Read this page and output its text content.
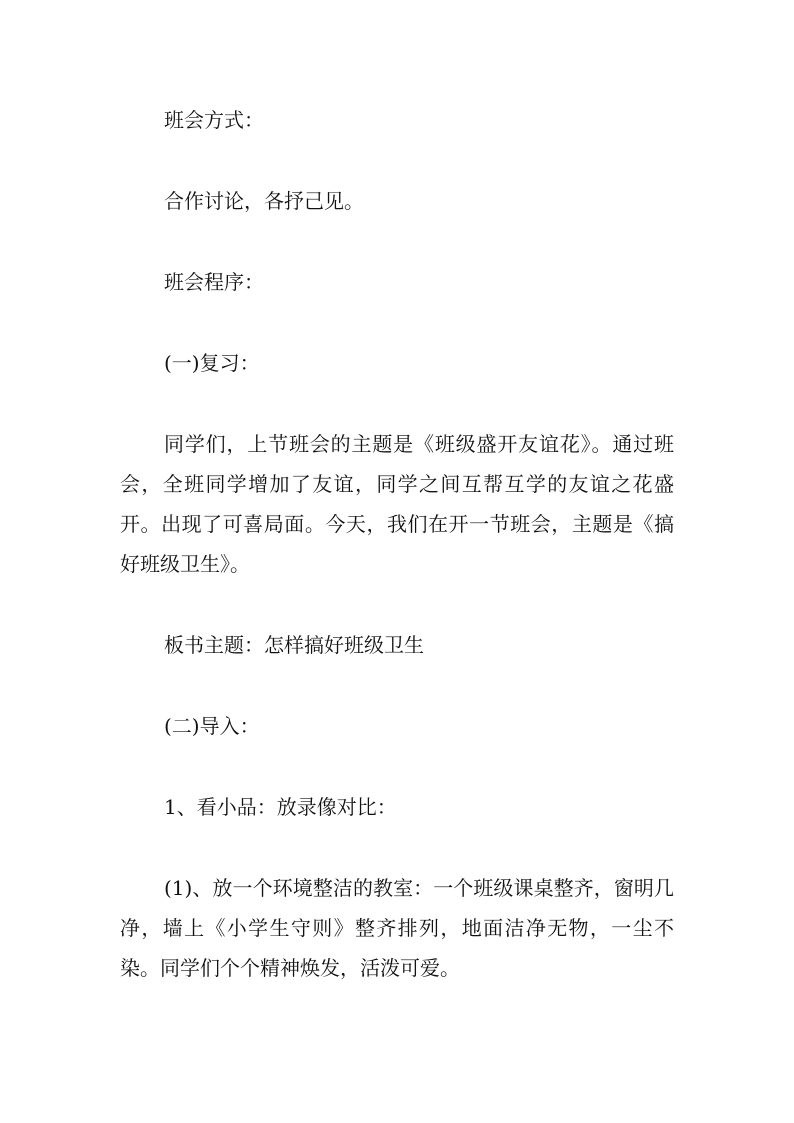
班会方式：

合作讨论，各抒己见。

班会程序：

(一)复习：

同学们，上节班会的主题是《班级盛开友谊花》。通过班会，全班同学增加了友谊，同学之间互帮互学的友谊之花盛开。出现了可喜局面。今天，我们在开一节班会，主题是《搞好班级卫生》。

板书主题：怎样搞好班级卫生

(二)导入：

1、看小品：放录像对比：

(1)、放一个环境整洁的教室：一个班级课桌整齐，窗明几净，墙上《小学生守则》整齐排列，地面洁净无物，一尘不染。同学们个个精神焕发，活泼可爱。
